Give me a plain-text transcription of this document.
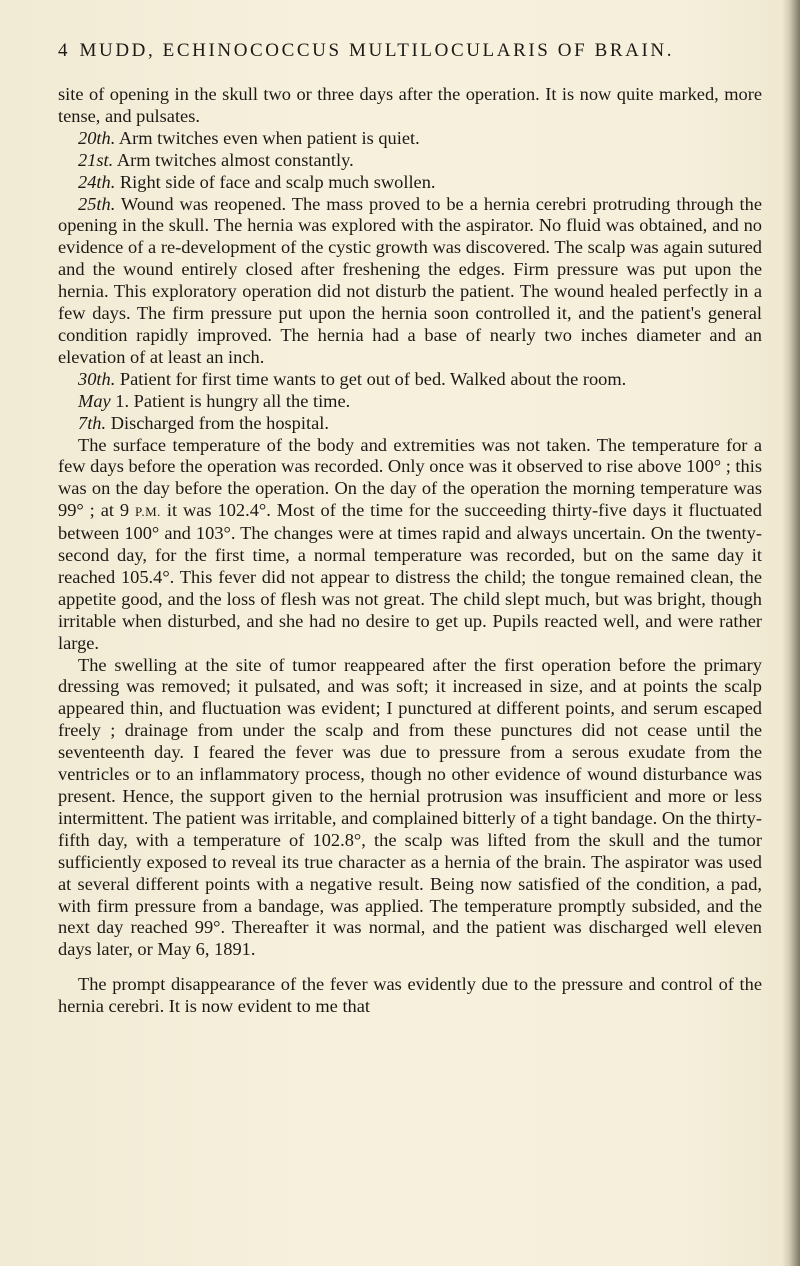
4 MUDD, ECHINOCOCCUS MULTILOCULARIS OF BRAIN.

site of opening in the skull two or three days after the operation. It is now quite marked, more tense, and pulsates.

20th. Arm twitches even when patient is quiet.

21st. Arm twitches almost constantly.

24th. Right side of face and scalp much swollen.

25th. Wound was reopened. The mass proved to be a hernia cerebri protruding through the opening in the skull. The hernia was explored with the aspirator. No fluid was obtained, and no evidence of a re-development of the cystic growth was discovered. The scalp was again sutured and the wound entirely closed after freshening the edges. Firm pressure was put upon the hernia. This exploratory operation did not disturb the patient. The wound healed perfectly in a few days. The firm pressure put upon the hernia soon controlled it, and the patient's general condition rapidly improved. The hernia had a base of nearly two inches diameter and an elevation of at least an inch.

30th. Patient for first time wants to get out of bed. Walked about the room.

May 1. Patient is hungry all the time.

7th. Discharged from the hospital.

The surface temperature of the body and extremities was not taken. The temperature for a few days before the operation was recorded. Only once was it observed to rise above 100° ; this was on the day before the operation. On the day of the operation the morning temperature was 99° ; at 9 P.M. it was 102.4°. Most of the time for the succeeding thirty-five days it fluctuated between 100° and 103°. The changes were at times rapid and always uncertain. On the twenty-second day, for the first time, a normal temperature was recorded, but on the same day it reached 105.4°. This fever did not appear to distress the child; the tongue remained clean, the appetite good, and the loss of flesh was not great. The child slept much, but was bright, though irritable when disturbed, and she had no desire to get up. Pupils reacted well, and were rather large.

The swelling at the site of tumor reappeared after the first operation before the primary dressing was removed; it pulsated, and was soft; it increased in size, and at points the scalp appeared thin, and fluctuation was evident; I punctured at different points, and serum escaped freely ; drainage from under the scalp and from these punctures did not cease until the seventeenth day. I feared the fever was due to pressure from a serous exudate from the ventricles or to an inflammatory process, though no other evidence of wound disturbance was present. Hence, the support given to the hernial protrusion was insufficient and more or less intermittent. The patient was irritable, and complained bitterly of a tight bandage. On the thirty-fifth day, with a temperature of 102.8°, the scalp was lifted from the skull and the tumor sufficiently exposed to reveal its true character as a hernia of the brain. The aspirator was used at several different points with a negative result. Being now satisfied of the condition, a pad, with firm pressure from a bandage, was applied. The temperature promptly subsided, and the next day reached 99°. Thereafter it was normal, and the patient was discharged well eleven days later, or May 6, 1891.

The prompt disappearance of the fever was evidently due to the pressure and control of the hernia cerebri. It is now evident to me that
